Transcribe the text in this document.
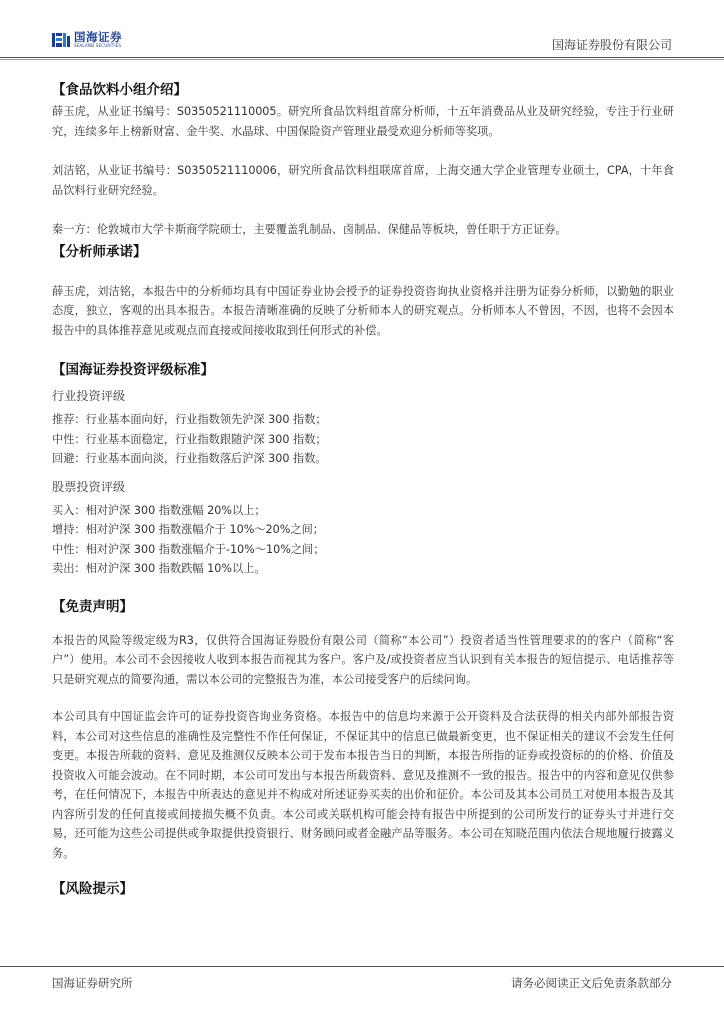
国海证券
SEALAND SECURITIES	国海证券股份有限公司
【食品饮料小组介绍】

薛玉虎，从业证书编号：S0350521110005。研究所食品饮料组首席分析师，十五年消费品从业及研究经验，专注于行业研究，连续多年上榜新财富、金牛奖、水晶球、中国保险资产管理业最受欢迎分析师等奖项。

刘洁铭，从业证书编号：S0350521110006，研究所食品饮料组联席首席，上海交通大学企业管理专业硕士，CPA，十年食品饮料行业研究经验。

秦一方：伦敦城市大学卡斯商学院硕士，主要覆盖乳制品、卤制品、保健品等板块，曾任职于方正证券。

【分析师承诺】

薛玉虎，刘洁铭，本报告中的分析师均具有中国证券业协会授予的证券投资咨询执业资格并注册为证券分析师，以勤勉的职业态度，独立，客观的出具本报告。本报告清晰准确的反映了分析师本人的研究观点。分析师本人不曾因，不因，也将不会因本报告中的具体推荐意见或观点而直接或间接收取到任何形式的补偿。

【国海证券投资评级标准】

行业投资评级

推荐：行业基本面向好，行业指数领先沪深 300 指数；

中性：行业基本面稳定，行业指数跟随沪深 300 指数；

回避：行业基本面向淡，行业指数落后沪深 300 指数。

股票投资评级

买入：相对沪深 300 指数涨幅 20%以上；

增持：相对沪深 300 指数涨幅介于 10%～20%之间；

中性：相对沪深 300 指数涨幅介于-10%～10%之间；

卖出：相对沪深 300 指数跌幅 10%以上。

【免责声明】

本报告的风险等级定级为R3，仅供符合国海证券股份有限公司（简称“本公司”）投资者适当性管理要求的的客户（简称“客户”）使用。本公司不会因接收人收到本报告而视其为客户。客户及/或投资者应当认识到有关本报告的短信提示、电话推荐等只是研究观点的简要沟通，需以本公司的完整报告为准，本公司接受客户的后续问询。

本公司具有中国证监会许可的证券投资咨询业务资格。本报告中的信息均来源于公开资料及合法获得的相关内部外部报告资料，本公司对这些信息的准确性及完整性不作任何保证，不保证其中的信息已做最新变更，也不保证相关的建议不会发生任何变更。本报告所载的资料、意见及推测仅反映本公司于发布本报告当日的判断，本报告所指的证券或投资标的的价格、价值及投资收入可能会波动。在不同时期，本公司可发出与本报告所载资料、意见及推测不一致的报告。报告中的内容和意见仅供参考，在任何情况下，本报告中所表达的意见并不构成对所述证券买卖的出价和征价。本公司及其本公司员工对使用本报告及其内容所引发的任何直接或间接损失概不负责。本公司或关联机构可能会持有报告中所提到的公司所发行的证券头寸并进行交易，还可能为这些公司提供或争取提供投资银行、财务顾问或者金融产品等服务。本公司在知晓范围内依法合规地履行披露义务。

【风险提示】
国海证券研究所	请务必阅读正文后免责条款部分
